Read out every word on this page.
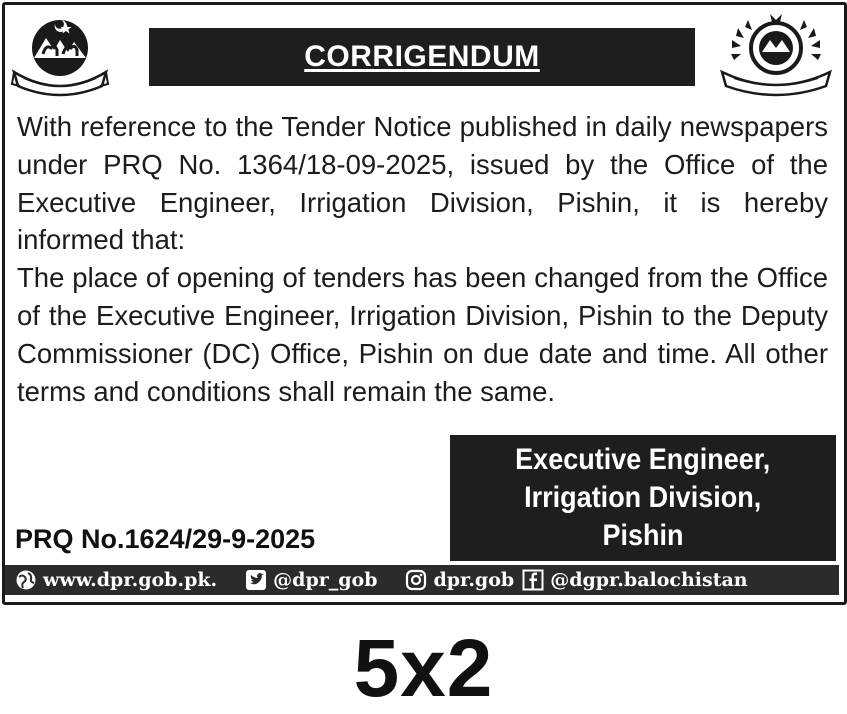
CORRIGENDUM

With reference to the Tender Notice published in daily newspapers under PRQ No. 1364/18-09-2025, issued by the Office of the Executive Engineer, Irrigation Division, Pishin, it is hereby informed that:

The place of opening of tenders has been changed from the Office of the Executive Engineer, Irrigation Division, Pishin to the Deputy Commissioner (DC) Office, Pishin on due date and time. All other terms and conditions shall remain the same.

Executive Engineer,
Irrigation Division,
Pishin
PRQ No.1624/29-9-2025
www.dpr.gob.pk.	@dpr_gob	dpr.gob @dgpr.balochistan
5x2
